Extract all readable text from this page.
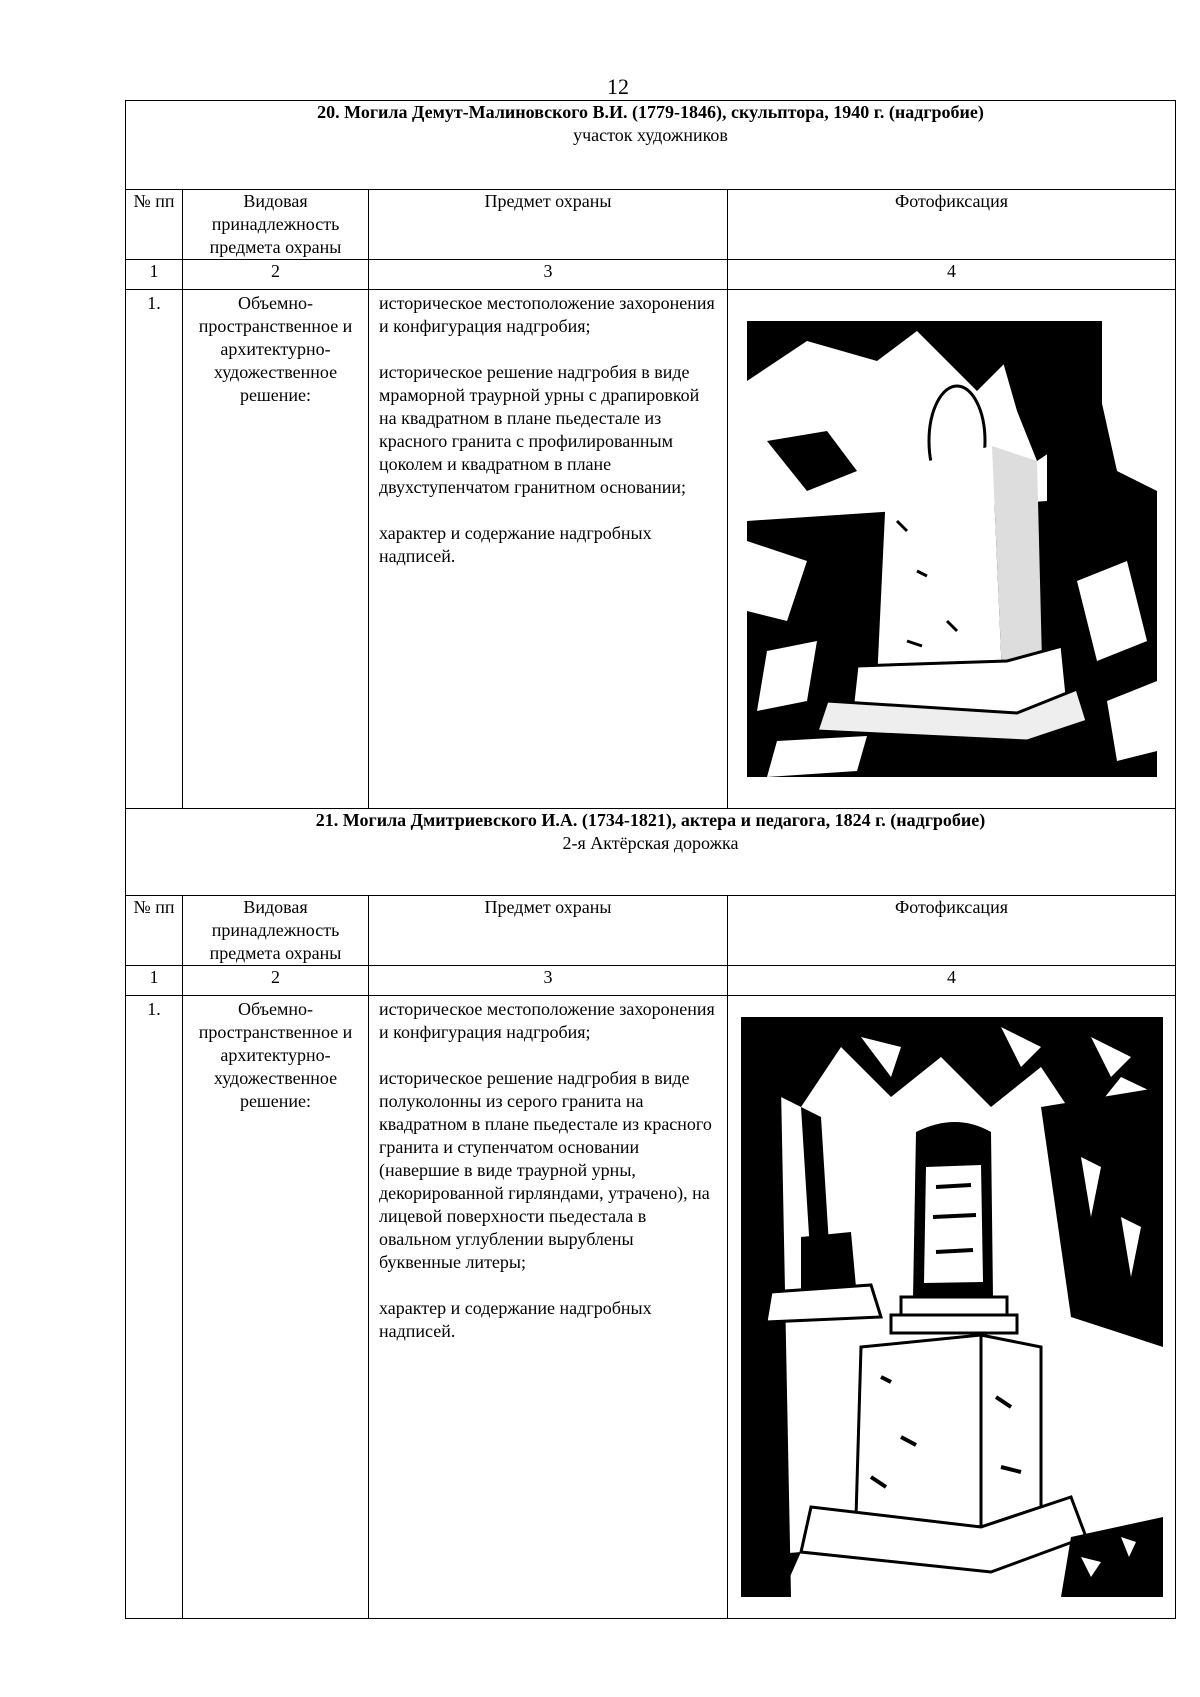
12
20. Могила Демут-Малиновского В.И. (1779-1846), скульптора, 1940 г. (надгробие)
участок художников			

№ пп	Видовая принадлежность предмета охраны	Предмет охраны	Фотофиксация
1	2	3	4
1.	Объемно-пространственное и архитектурно-художественное решение:	историческое местоположение захоронения и конфигурация надгробия;

историческое решение надгробия в виде мраморной траурной урны с драпировкой на квадратном в плане пьедестале из красного гранита с профилированным цоколем и квадратном в плане двухступенчатом гранитном основании;

характер и содержание надгробных надписей.

21. Могила Дмитриевского И.А. (1734-1821), актера и педагога, 1824 г. (надгробие)
2-я Актёрская дорожка			

№ пп	Видовая принадлежность предмета охраны	Предмет охраны	Фотофиксация
1	2	3	4
1.	Объемно-пространственное и архитектурно-художественное решение:	историческое местоположение захоронения и конфигурация надгробия;

историческое решение надгробия в виде полуколонны из серого гранита на квадратном в плане пьедестале из красного гранита и ступенчатом основании (навершие в виде траурной урны, декорированной гирляндами, утрачено), на лицевой поверхности пьедестала в овальном углублении вырублены буквенные литеры;

характер и содержание надгробных надписей.
